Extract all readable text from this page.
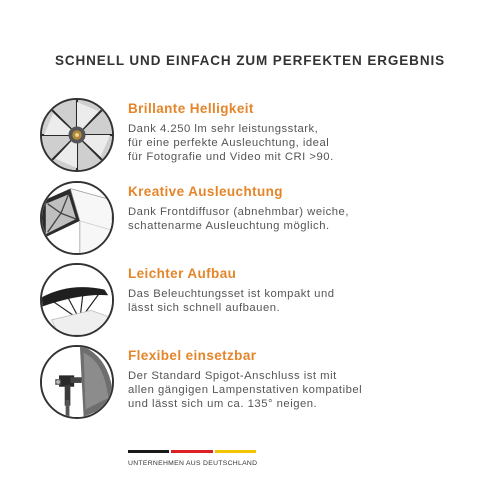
SCHNELL UND EINFACH ZUM PERFEKTEN ERGEBNIS
Brillante Helligkeit
Dank 4.250 lm sehr leistungsstark,
für eine perfekte Ausleuchtung, ideal
für Fotografie und Video mit CRI >90.
Kreative Ausleuchtung
Dank Frontdiffusor (abnehmbar) weiche,
schattenarme Ausleuchtung möglich.
Leichter Aufbau
Das Beleuchtungsset ist kompakt und
lässt sich schnell aufbauen.
Flexibel einsetzbar
Der Standard Spigot-Anschluss ist mit
allen gängigen Lampenstativen kompatibel
und lässt sich um ca. 135° neigen.
UNTERNEHMEN AUS DEUTSCHLAND
